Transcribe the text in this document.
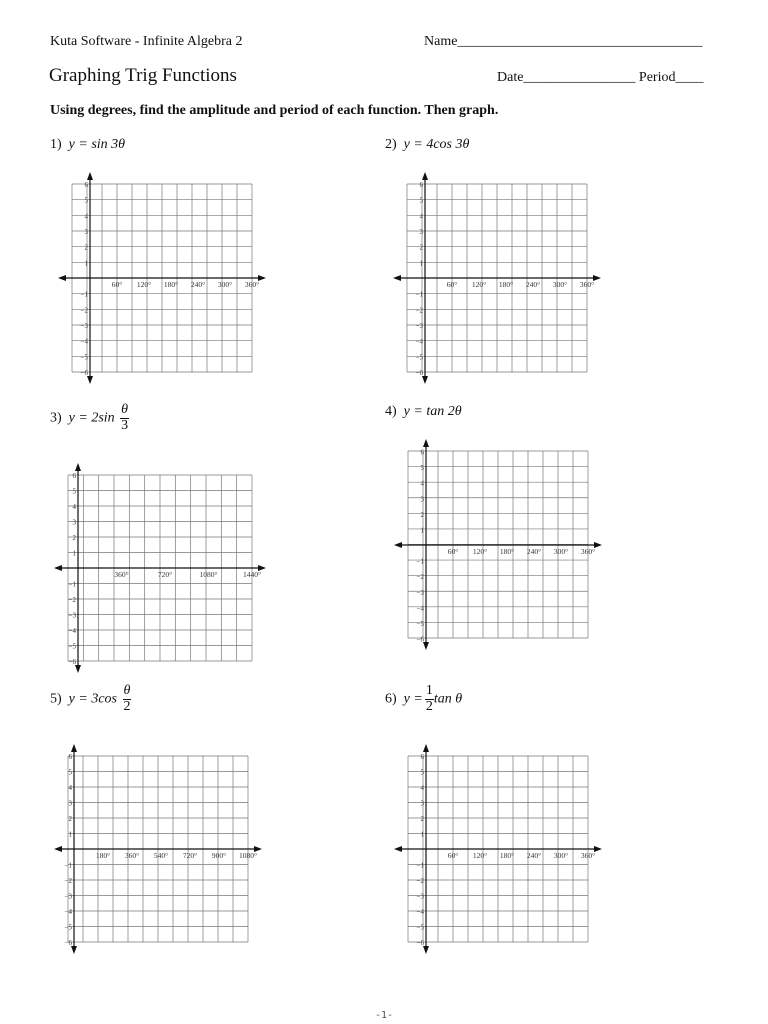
Kuta Software - Infinite Algebra 2	Name___________________________________
Graphing Trig Functions	Date________________ Period____
Using degrees, find the amplitude and period of each function. Then graph.
1) y = sin 3θ	2) y = 4cos 3θ
3) $y = 2\sin \frac{\theta}{3}$	4) y = tan 2θ
5) $y = 3\cos \frac{\theta}{2}$	6) $y = \frac{1}{2}$ tan θ
6
5
4
3
2
1
−1
−2
−3
−4
−5
−6
60° 120° 180° 240° 300° 360°
6
5
4
3
2
1
−1
−2
−3
−4
−5
−6
60° 120° 180° 240° 300° 360°
6
5
4
3
2
1
−1
−2
−3
−4
−5
−6
360°	720°	1080°	1440°
6
5
4
3
2
1
−1
−2
−3
−4
−5
−6
60° 120° 180° 240° 300° 360°
6
5
4
3
2
1
−1
−2
−3
−4
−5
−6
180° 360° 540° 720° 900° 1080°
6
5
4
3
2
1
−1
−2
−3
−4
−5
−6
60° 120° 180° 240° 300° 360°
-1-
